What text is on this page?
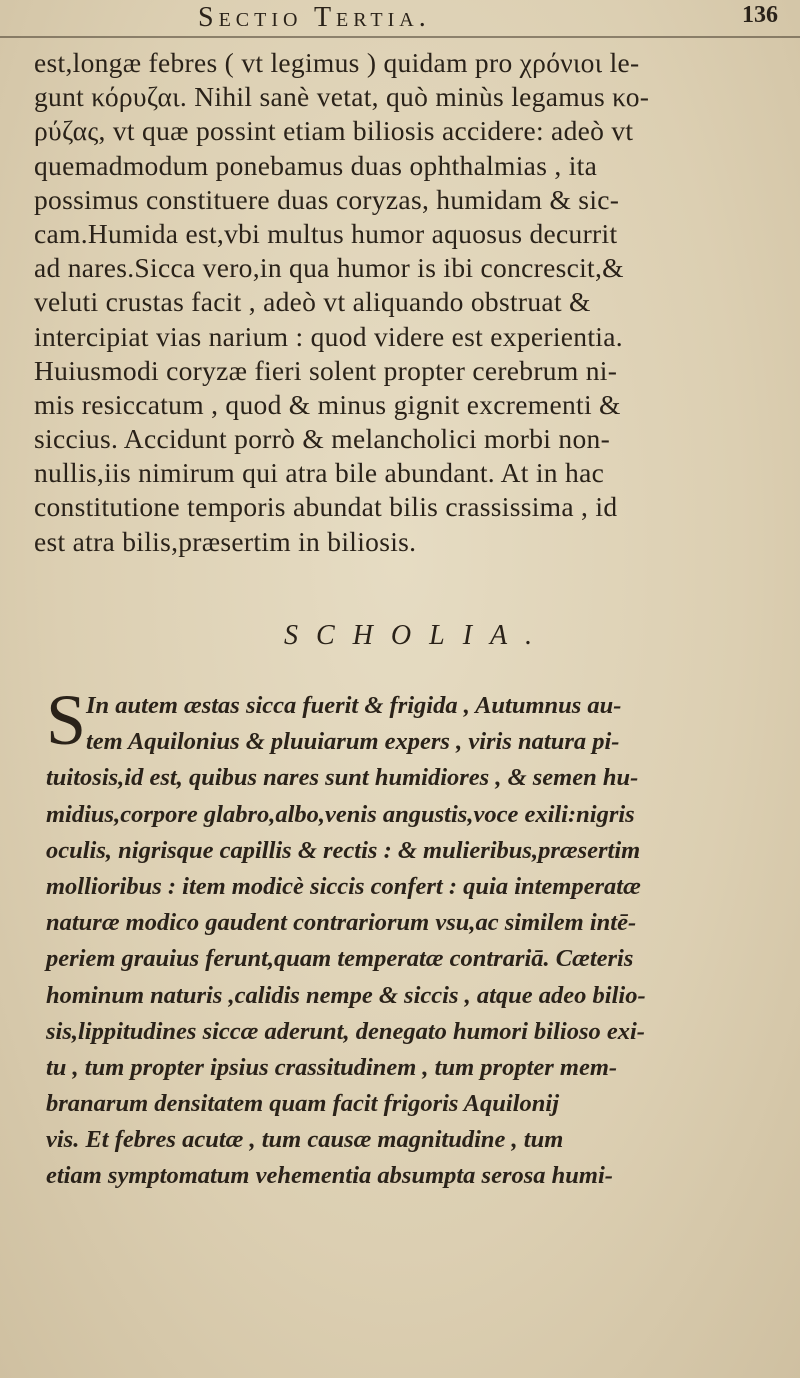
Sectio Tertia.	136
est,longæ febres ( vt legimus ) quidam pro χρόνιοι le-
gunt κόρυζαι. Nihil sanè vetat, quò minùs legamus κο-
ρύζας, vt quæ possint etiam biliosis accidere: adeò vt
quemadmodum ponebamus duas ophthalmias , ita
possimus constituere duas coryzas, humidam & sic-
cam.Humida est,vbi multus humor aquosus decurrit
ad nares.Sicca vero,in qua humor is ibi concrescit,&
veluti crustas facit , adeò vt aliquando obstruat &
intercipiat vias narium : quod videre est experientia.
Huiusmodi coryzæ fieri solent propter cerebrum ni-
mis resiccatum , quod & minus gignit excrementi &
siccius. Accidunt porrò & melancholici morbi non-
nullis,iis nimirum qui atra bile abundant. At in hac
constitutione temporis abundat bilis crassissima , id
est atra bilis,præsertim in biliosis.
SCHOLIA.
S In autem æstas sicca fuerit & frigida , Autumnus au-
tem Aquilonius & pluuiarum expers , viris natura pi-
tuitosis,id est, quibus nares sunt humidiores , & semen hu-
midius,corpore glabro,albo,venis angustis,voce exili:nigris
oculis, nigrisque capillis & rectis : & mulieribus,præsertim
mollioribus : item modicè siccis confert : quia intemperatæ
naturæ modico gaudent contrariorum vsu,ac similem intē-
periem grauius ferunt,quam temperatæ contrariā. Cæteris
hominum naturis ,calidis nempe & siccis , atque adeo bilio-
sis,lippitudines siccæ aderunt, denegato humori bilioso exi-
tu , tum propter ipsius crassitudinem , tum propter mem-
branarum densitatem quam facit frigoris Aquilonij
vis. Et febres acutæ , tum causæ magnitudine , tum
etiam symptomatum vehementia absumpta serosa humi-
